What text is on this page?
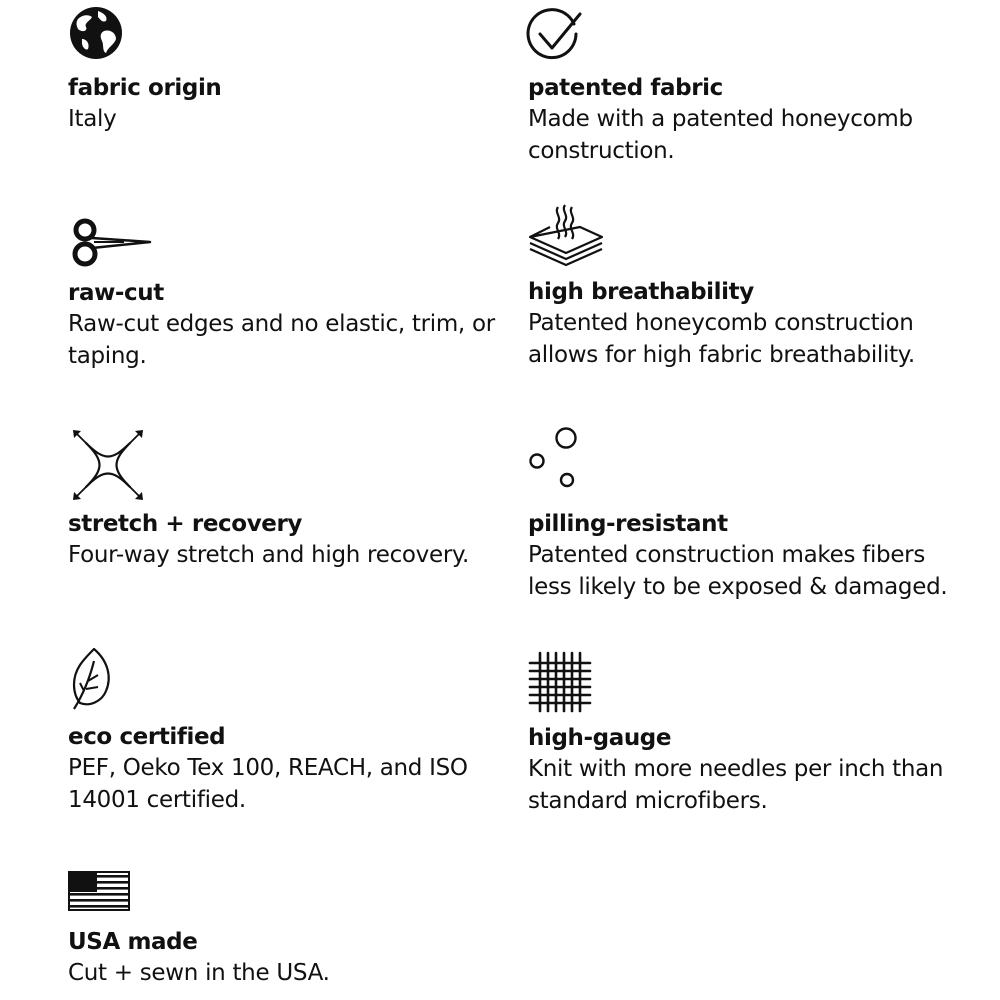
fabric origin
Italy
patented fabric
Made with a patented honeycomb construction.
raw-cut
Raw-cut edges and no elastic, trim, or taping.
high breathability
Patented honeycomb construction allows for high fabric breathability.
stretch + recovery
Four-way stretch and high recovery.
pilling-resistant
Patented construction makes fibers less likely to be exposed & damaged.
eco certified
PEF, Oeko Tex 100, REACH, and ISO 14001 certified.
high-gauge
Knit with more needles per inch than standard microfibers.
USA made
Cut + sewn in the USA.
